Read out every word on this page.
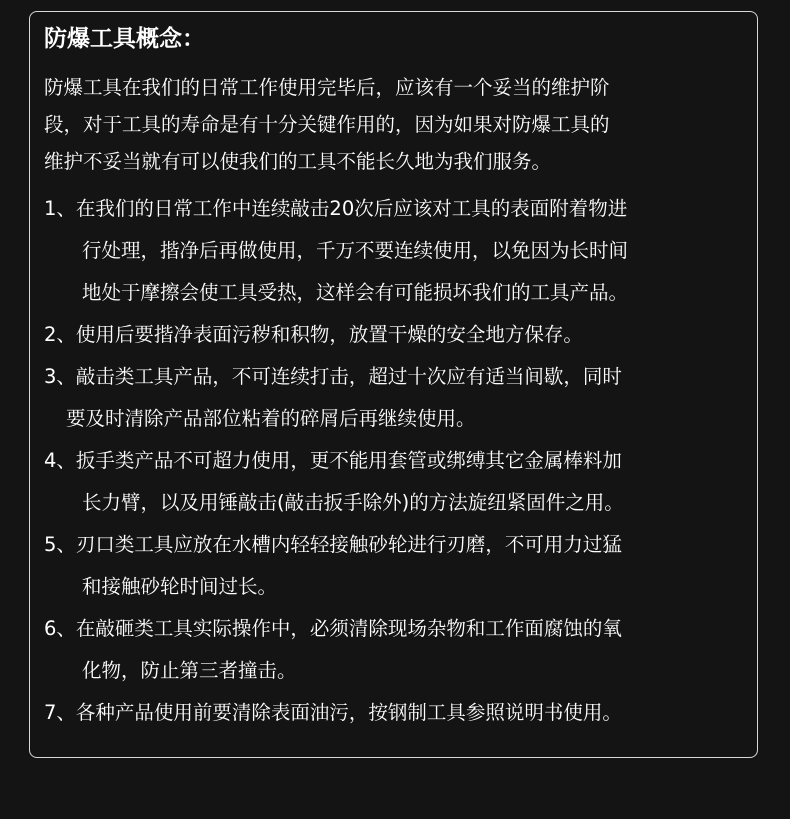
防爆工具概念：

防爆工具在我们的日常工作使用完毕后，应该有一个妥当的维护阶
段，对于工具的寿命是有十分关键作用的，因为如果对防爆工具的
维护不妥当就有可以使我们的工具不能长久地为我们服务。

1、在我们的日常工作中连续敲击20次后应该对工具的表面附着物进
行处理，揩净后再做使用，千万不要连续使用，以免因为长时间
地处于摩擦会使工具受热，这样会有可能损坏我们的工具产品。
2、使用后要揩净表面污秽和积物，放置干燥的安全地方保存。
3、敲击类工具产品，不可连续打击，超过十次应有适当间歇，同时
要及时清除产品部位粘着的碎屑后再继续使用。
4、扳手类产品不可超力使用，更不能用套管或绑缚其它金属棒料加
长力臂，以及用锤敲击(敲击扳手除外)的方法旋纽紧固件之用。
5、刃口类工具应放在水槽内轻轻接触砂轮进行刃磨，不可用力过猛
和接触砂轮时间过长。
6、在敲砸类工具实际操作中，必须清除现场杂物和工作面腐蚀的氧
化物，防止第三者撞击。
7、各种产品使用前要清除表面油污，按钢制工具参照说明书使用。
